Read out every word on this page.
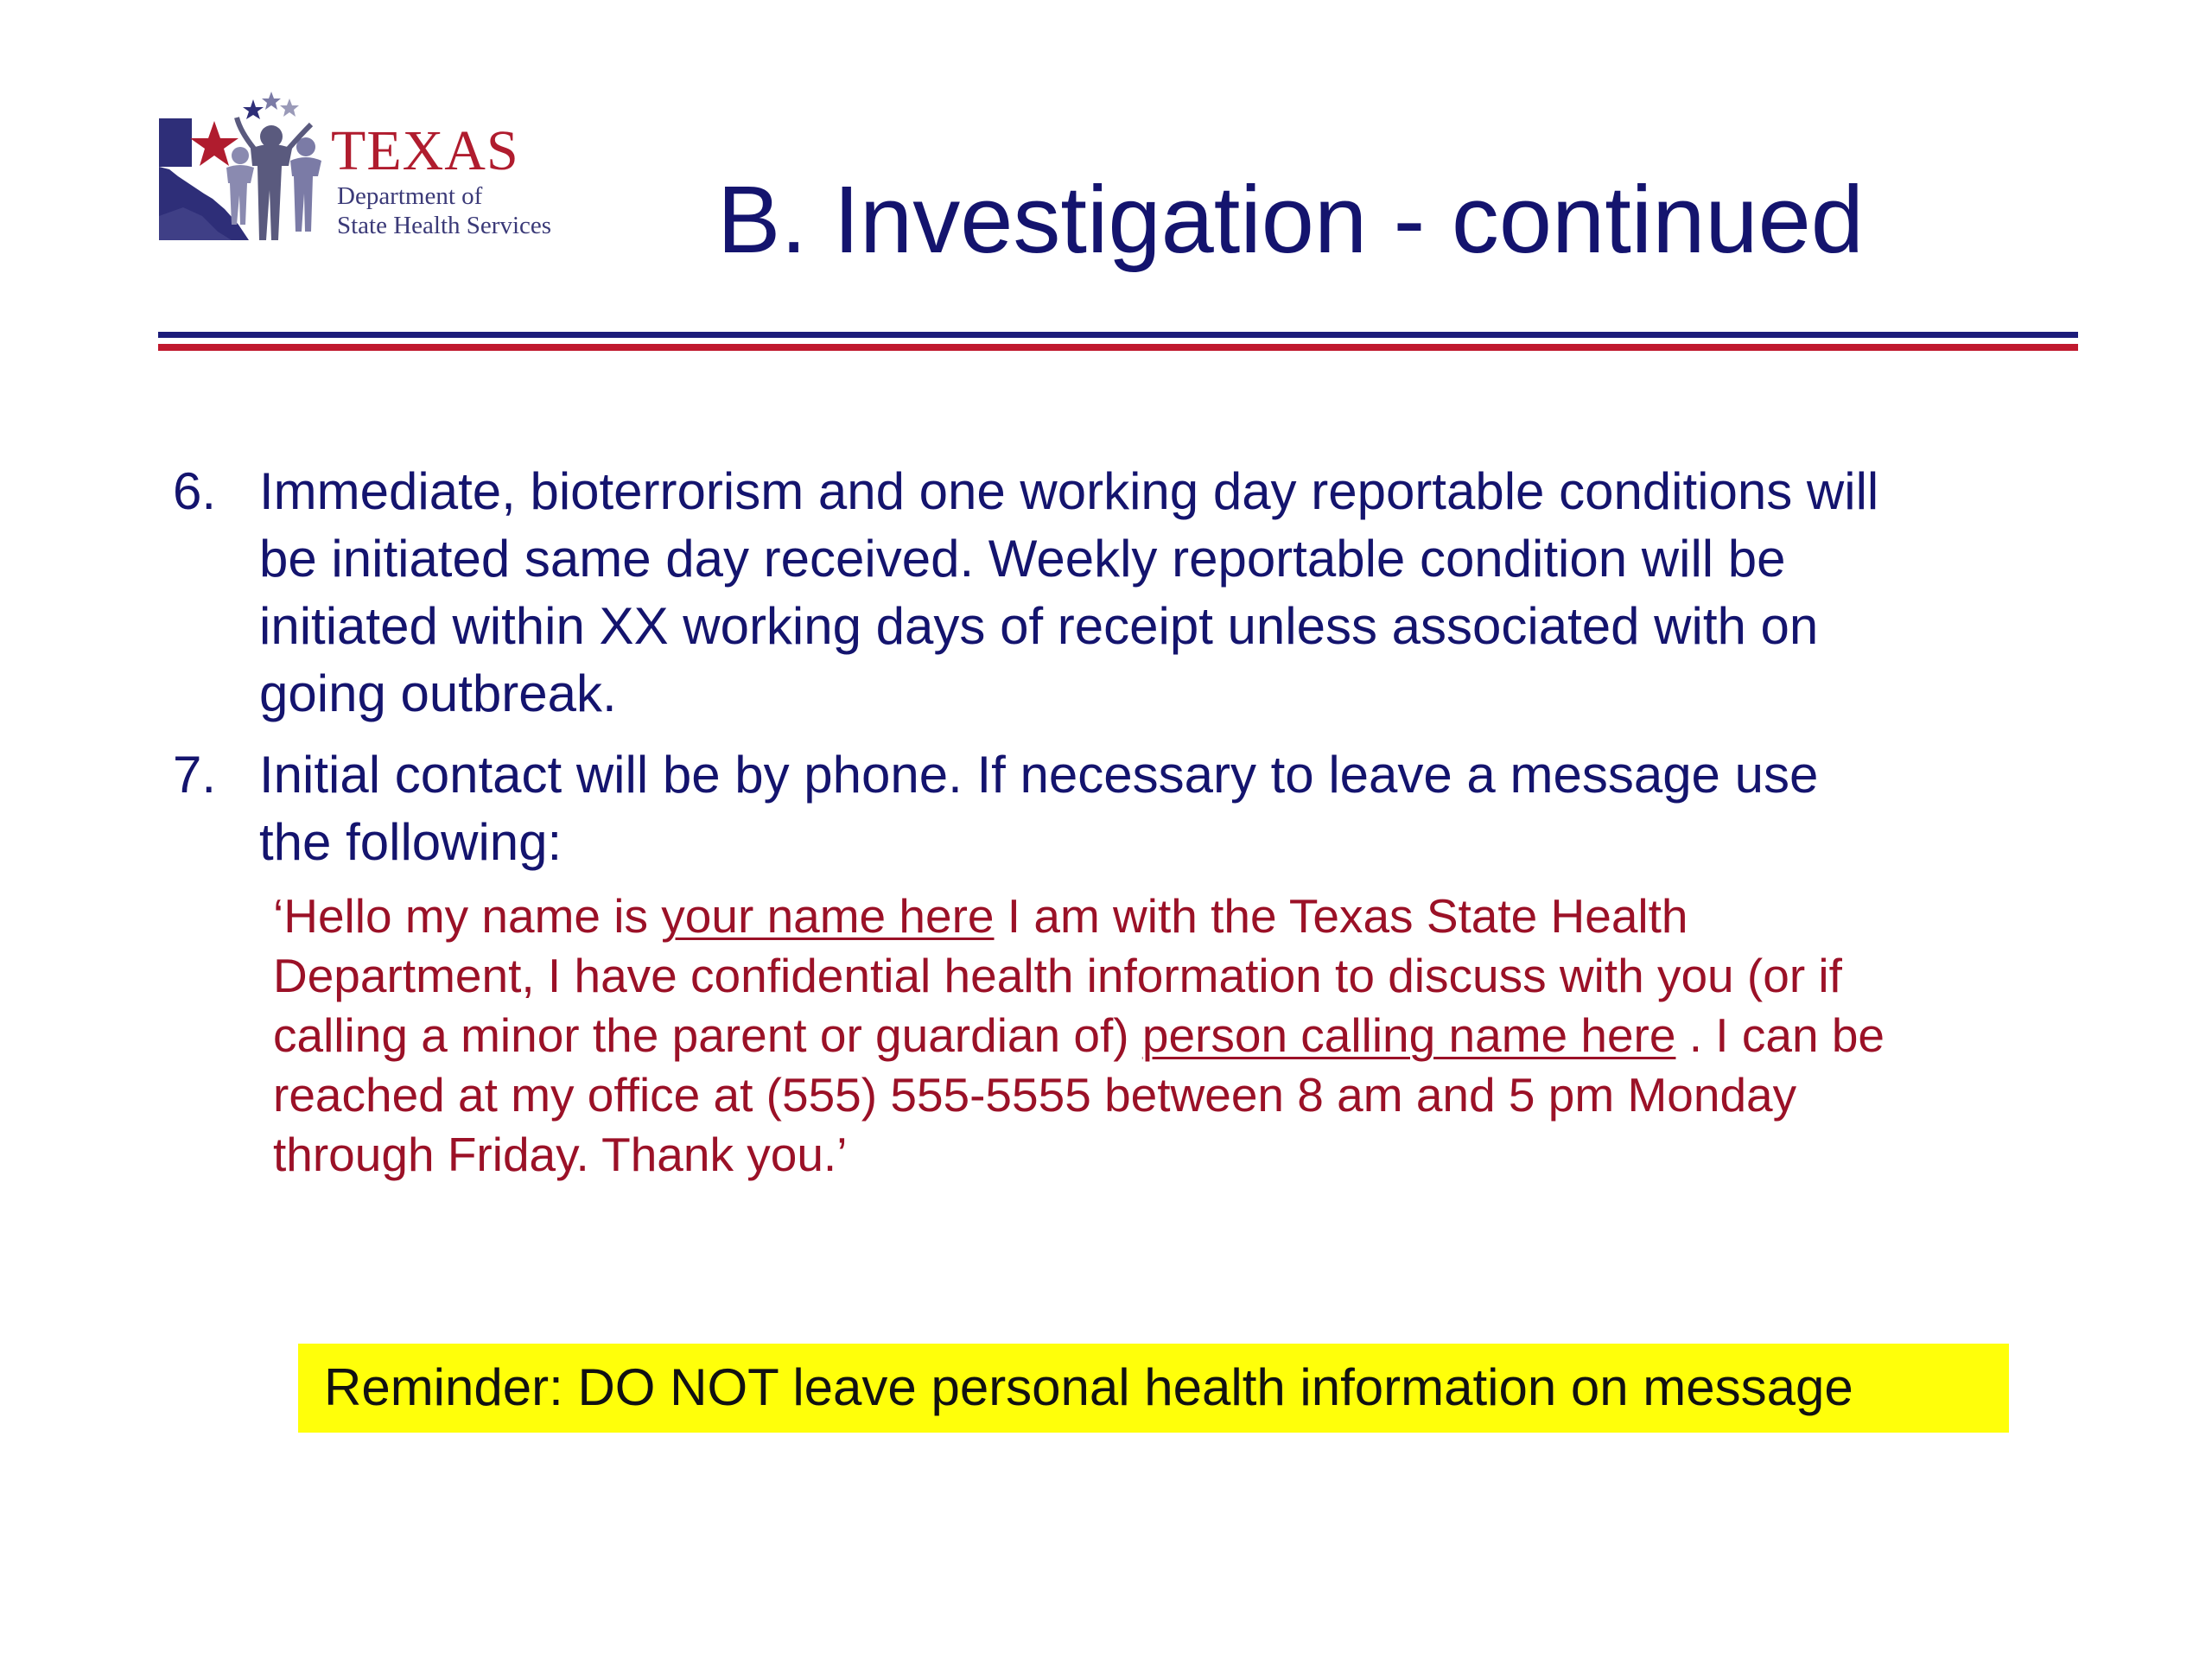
TEXAS
Department of
State Health Services B. Investigation - continued
6. Immediate, bioterrorism and one working day reportable conditions will
be initiated same day received. Weekly reportable condition will be
initiated within XX working days of receipt unless associated with on
going outbreak.
7. Initial contact will be by phone. If necessary to leave a message use
the following:
‘Hello my name is your name here I am with the Texas State Health
Department, I have confidential health information to discuss with you (or if
calling a minor the parent or guardian of) person calling name here . I can be
reached at my office at (555) 555-5555 between 8 am and 5 pm Monday
through Friday. Thank you.’
Reminder: DO NOT leave personal health information on message
